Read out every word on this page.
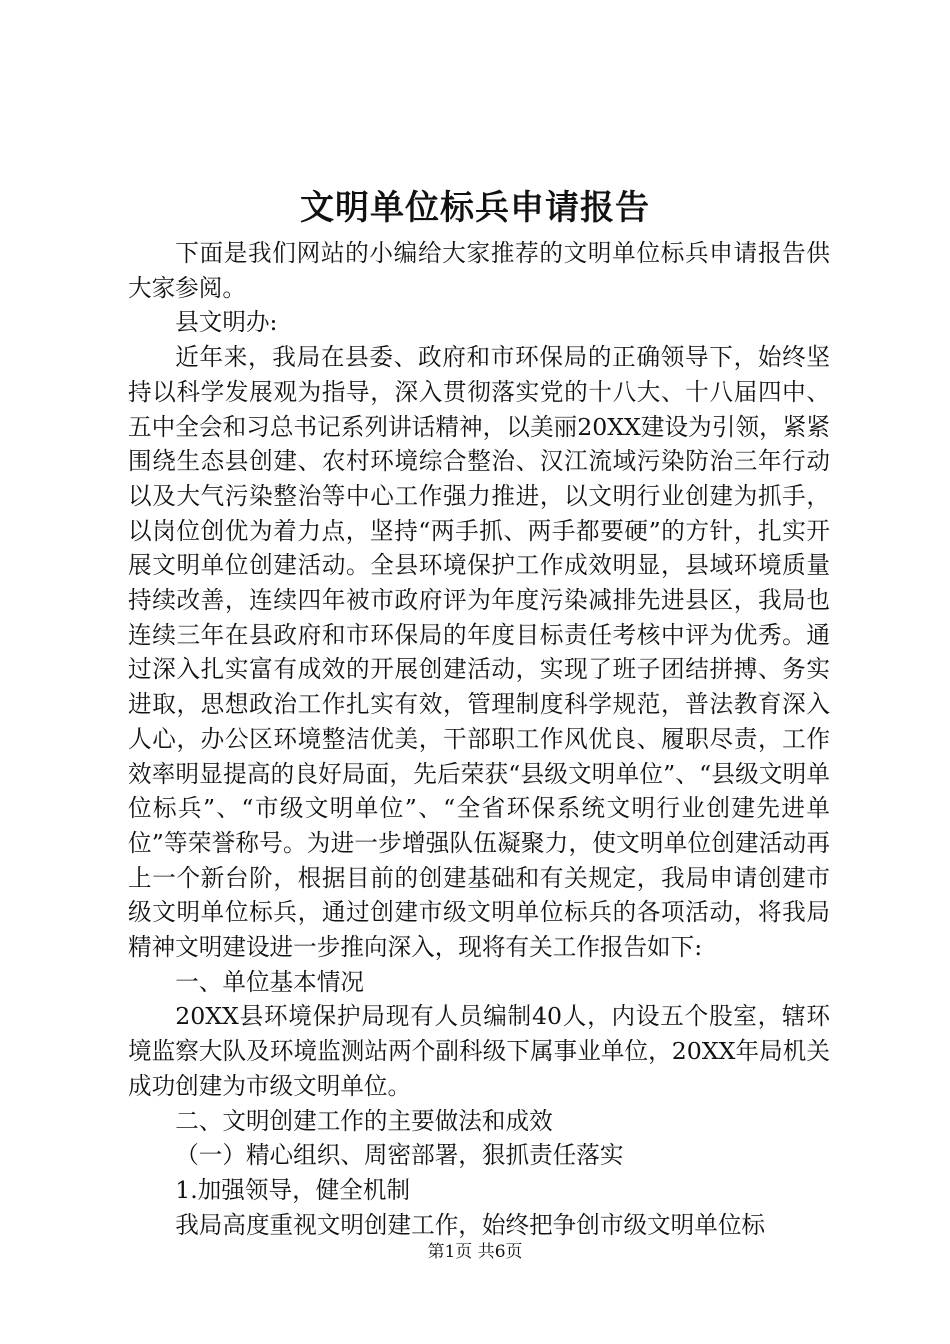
文明单位标兵申请报告

下面是我们网站的小编给大家推荐的文明单位标兵申请报告供大家参阅。

县文明办:

近年来，我局在县委、政府和市环保局的正确领导下，始终坚持以科学发展观为指导，深入贯彻落实党的十八大、十八届四中、五中全会和习总书记系列讲话精神，以美丽20XX建设为引领，紧紧围绕生态县创建、农村环境综合整治、汉江流域污染防治三年行动以及大气污染整治等中心工作强力推进，以文明行业创建为抓手，以岗位创优为着力点，坚持“两手抓、两手都要硬”的方针，扎实开展文明单位创建活动。全县环境保护工作成效明显，县域环境质量持续改善，连续四年被市政府评为年度污染减排先进县区，我局也连续三年在县政府和市环保局的年度目标责任考核中评为优秀。通过深入扎实富有成效的开展创建活动，实现了班子团结拼搏、务实进取，思想政治工作扎实有效，管理制度科学规范，普法教育深入人心，办公区环境整洁优美，干部职工作风优良、履职尽责，工作效率明显提高的良好局面，先后荣获“县级文明单位”、“县级文明单位标兵”、“市级文明单位”、“全省环保系统文明行业创建先进单位”等荣誉称号。为进一步增强队伍凝聚力，使文明单位创建活动再上一个新台阶，根据目前的创建基础和有关规定，我局申请创建市级文明单位标兵，通过创建市级文明单位标兵的各项活动，将我局精神文明建设进一步推向深入，现将有关工作报告如下:

一、单位基本情况

20XX县环境保护局现有人员编制40人，内设五个股室，辖环境监察大队及环境监测站两个副科级下属事业单位，20XX年局机关成功创建为市级文明单位。

二、文明创建工作的主要做法和成效

（一）精心组织、周密部署，狠抓责任落实

1.加强领导，健全机制

我局高度重视文明创建工作，始终把争创市级文明单位标

第1页 共6页
